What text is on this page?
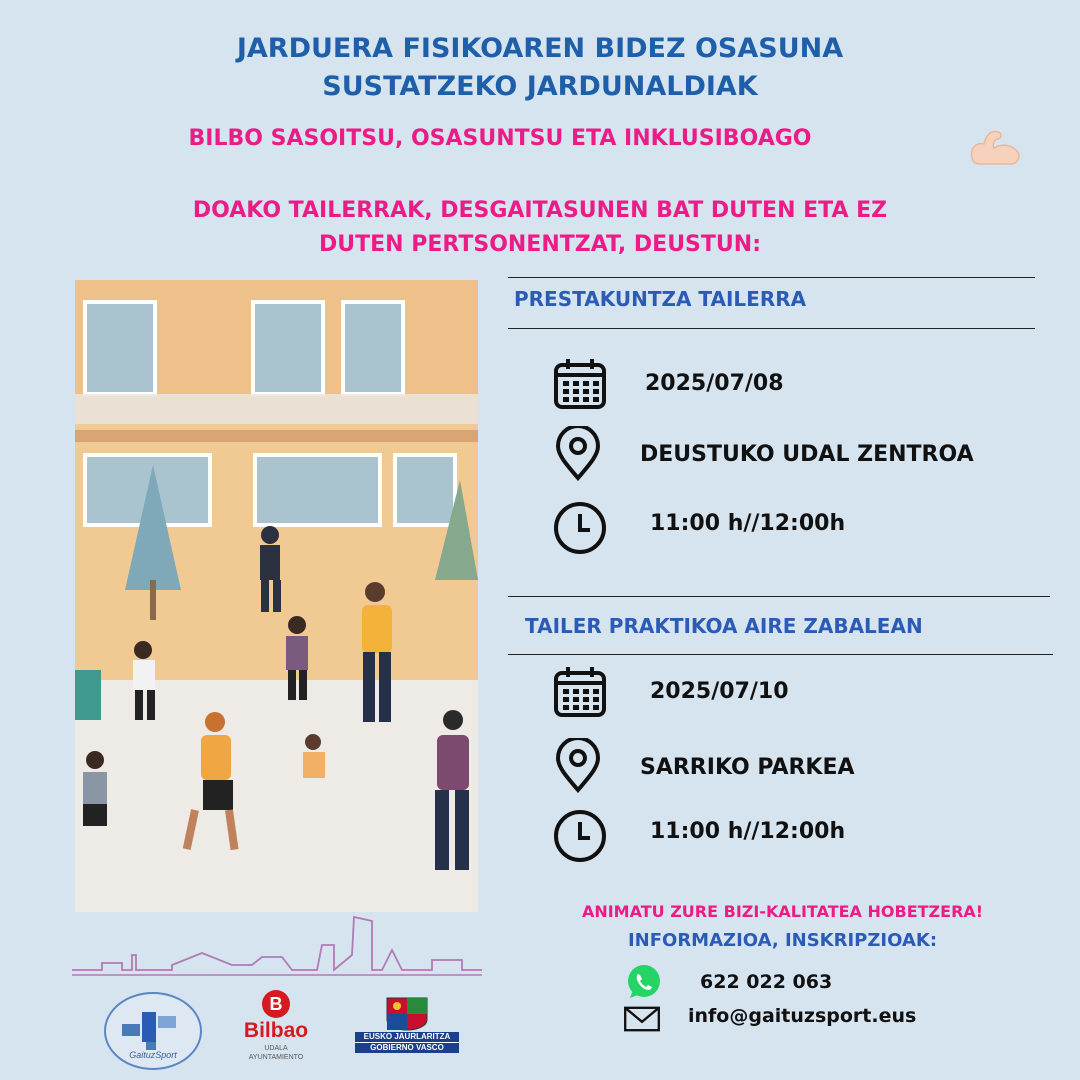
JARDUERA FISIKOAREN BIDEZ OSASUNA
SUSTATZEKO JARDUNALDIAK
BILBO SASOITSU, OSASUNTSU ETA INKLUSIBOAGO
DOAKO TAILERRAK, DESGAITASUNEN BAT DUTEN ETA EZ
DUTEN PERTSONENTZAT, DEUSTUN:
PRESTAKUNTZA TAILERRA
2025/07/08
DEUSTUKO UDAL ZENTROA
11:00 h//12:00h
TAILER PRAKTIKOA AIRE ZABALEAN
2025/07/10
SARRIKO PARKEA
11:00 h//12:00h
ANIMATU ZURE BIZI-KALITATEA HOBETZERA!
INFORMAZIOA, INSKRIPZIOAK:
622 022 063
info@gaituzsport.eus
GaituzSport
B
Bilbao
UDALA
AYUNTAMIENTO
EUSKO JAURLARITZA
GOBIERNO VASCO
